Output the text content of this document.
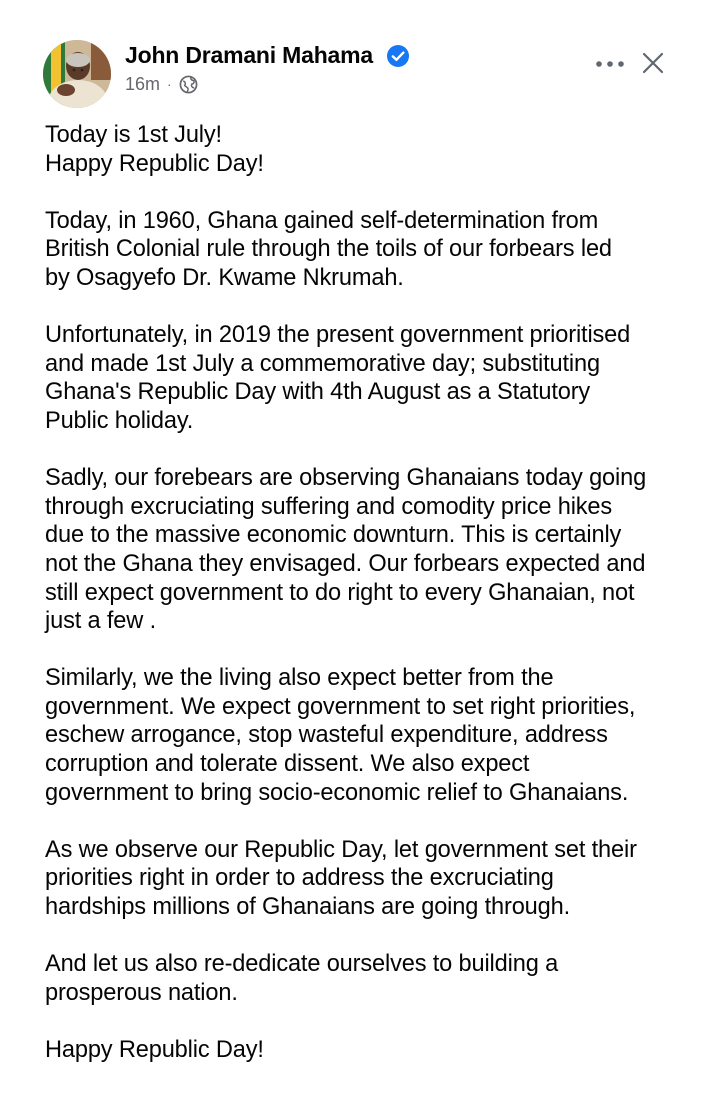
John Dramani Mahama
16m ·

Today is 1st July!
Happy Republic Day!

Today, in 1960, Ghana gained self-determination from
British Colonial rule through the toils of our forbears led
by Osagyefo Dr. Kwame Nkrumah.

Unfortunately, in 2019 the present government prioritised
and made 1st July a commemorative day; substituting
Ghana's Republic Day with 4th August as a Statutory
Public holiday.

Sadly, our forebears are observing Ghanaians today going
through excruciating suffering and comodity price hikes
due to the massive economic downturn. This is certainly
not the Ghana they envisaged. Our forbears expected and
still expect government to do right to every Ghanaian, not
just a few .

Similarly, we the living also expect better from the
government. We expect government to set right priorities,
eschew arrogance, stop wasteful expenditure, address
corruption and tolerate dissent. We also expect
government to bring socio-economic relief to Ghanaians.

As we observe our Republic Day, let government set their
priorities right in order to address the excruciating
hardships millions of Ghanaians are going through.

And let us also re-dedicate ourselves to building a
prosperous nation.

Happy Republic Day!
